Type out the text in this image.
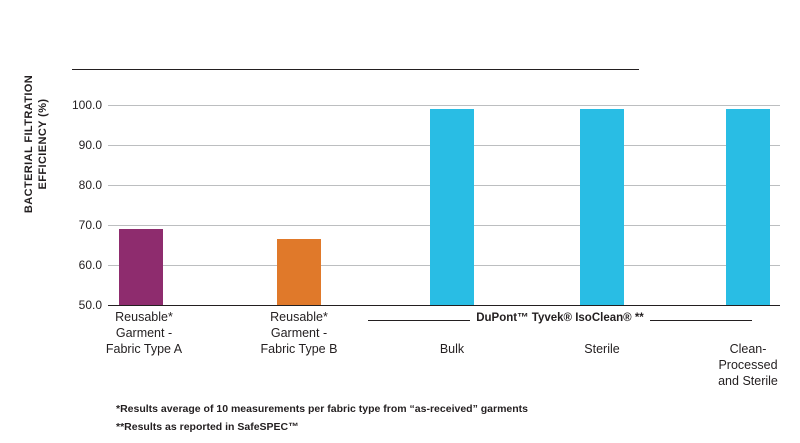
BACTERIAL FILTRATION EFFICIENCY (%) 100.0
90.0
80.0
70.0
60.0
50.0
DuPont™ Tyvek® IsoClean® **
Reusable*
Garment -
Fabric Type A
Reusable*
Garment -
Fabric Type B	Bulk	Sterile	Clean-
Processed
and Sterile
*Results average of 10 measurements per fabric type from “as-received” garments
**Results as reported in SafeSPEC™
